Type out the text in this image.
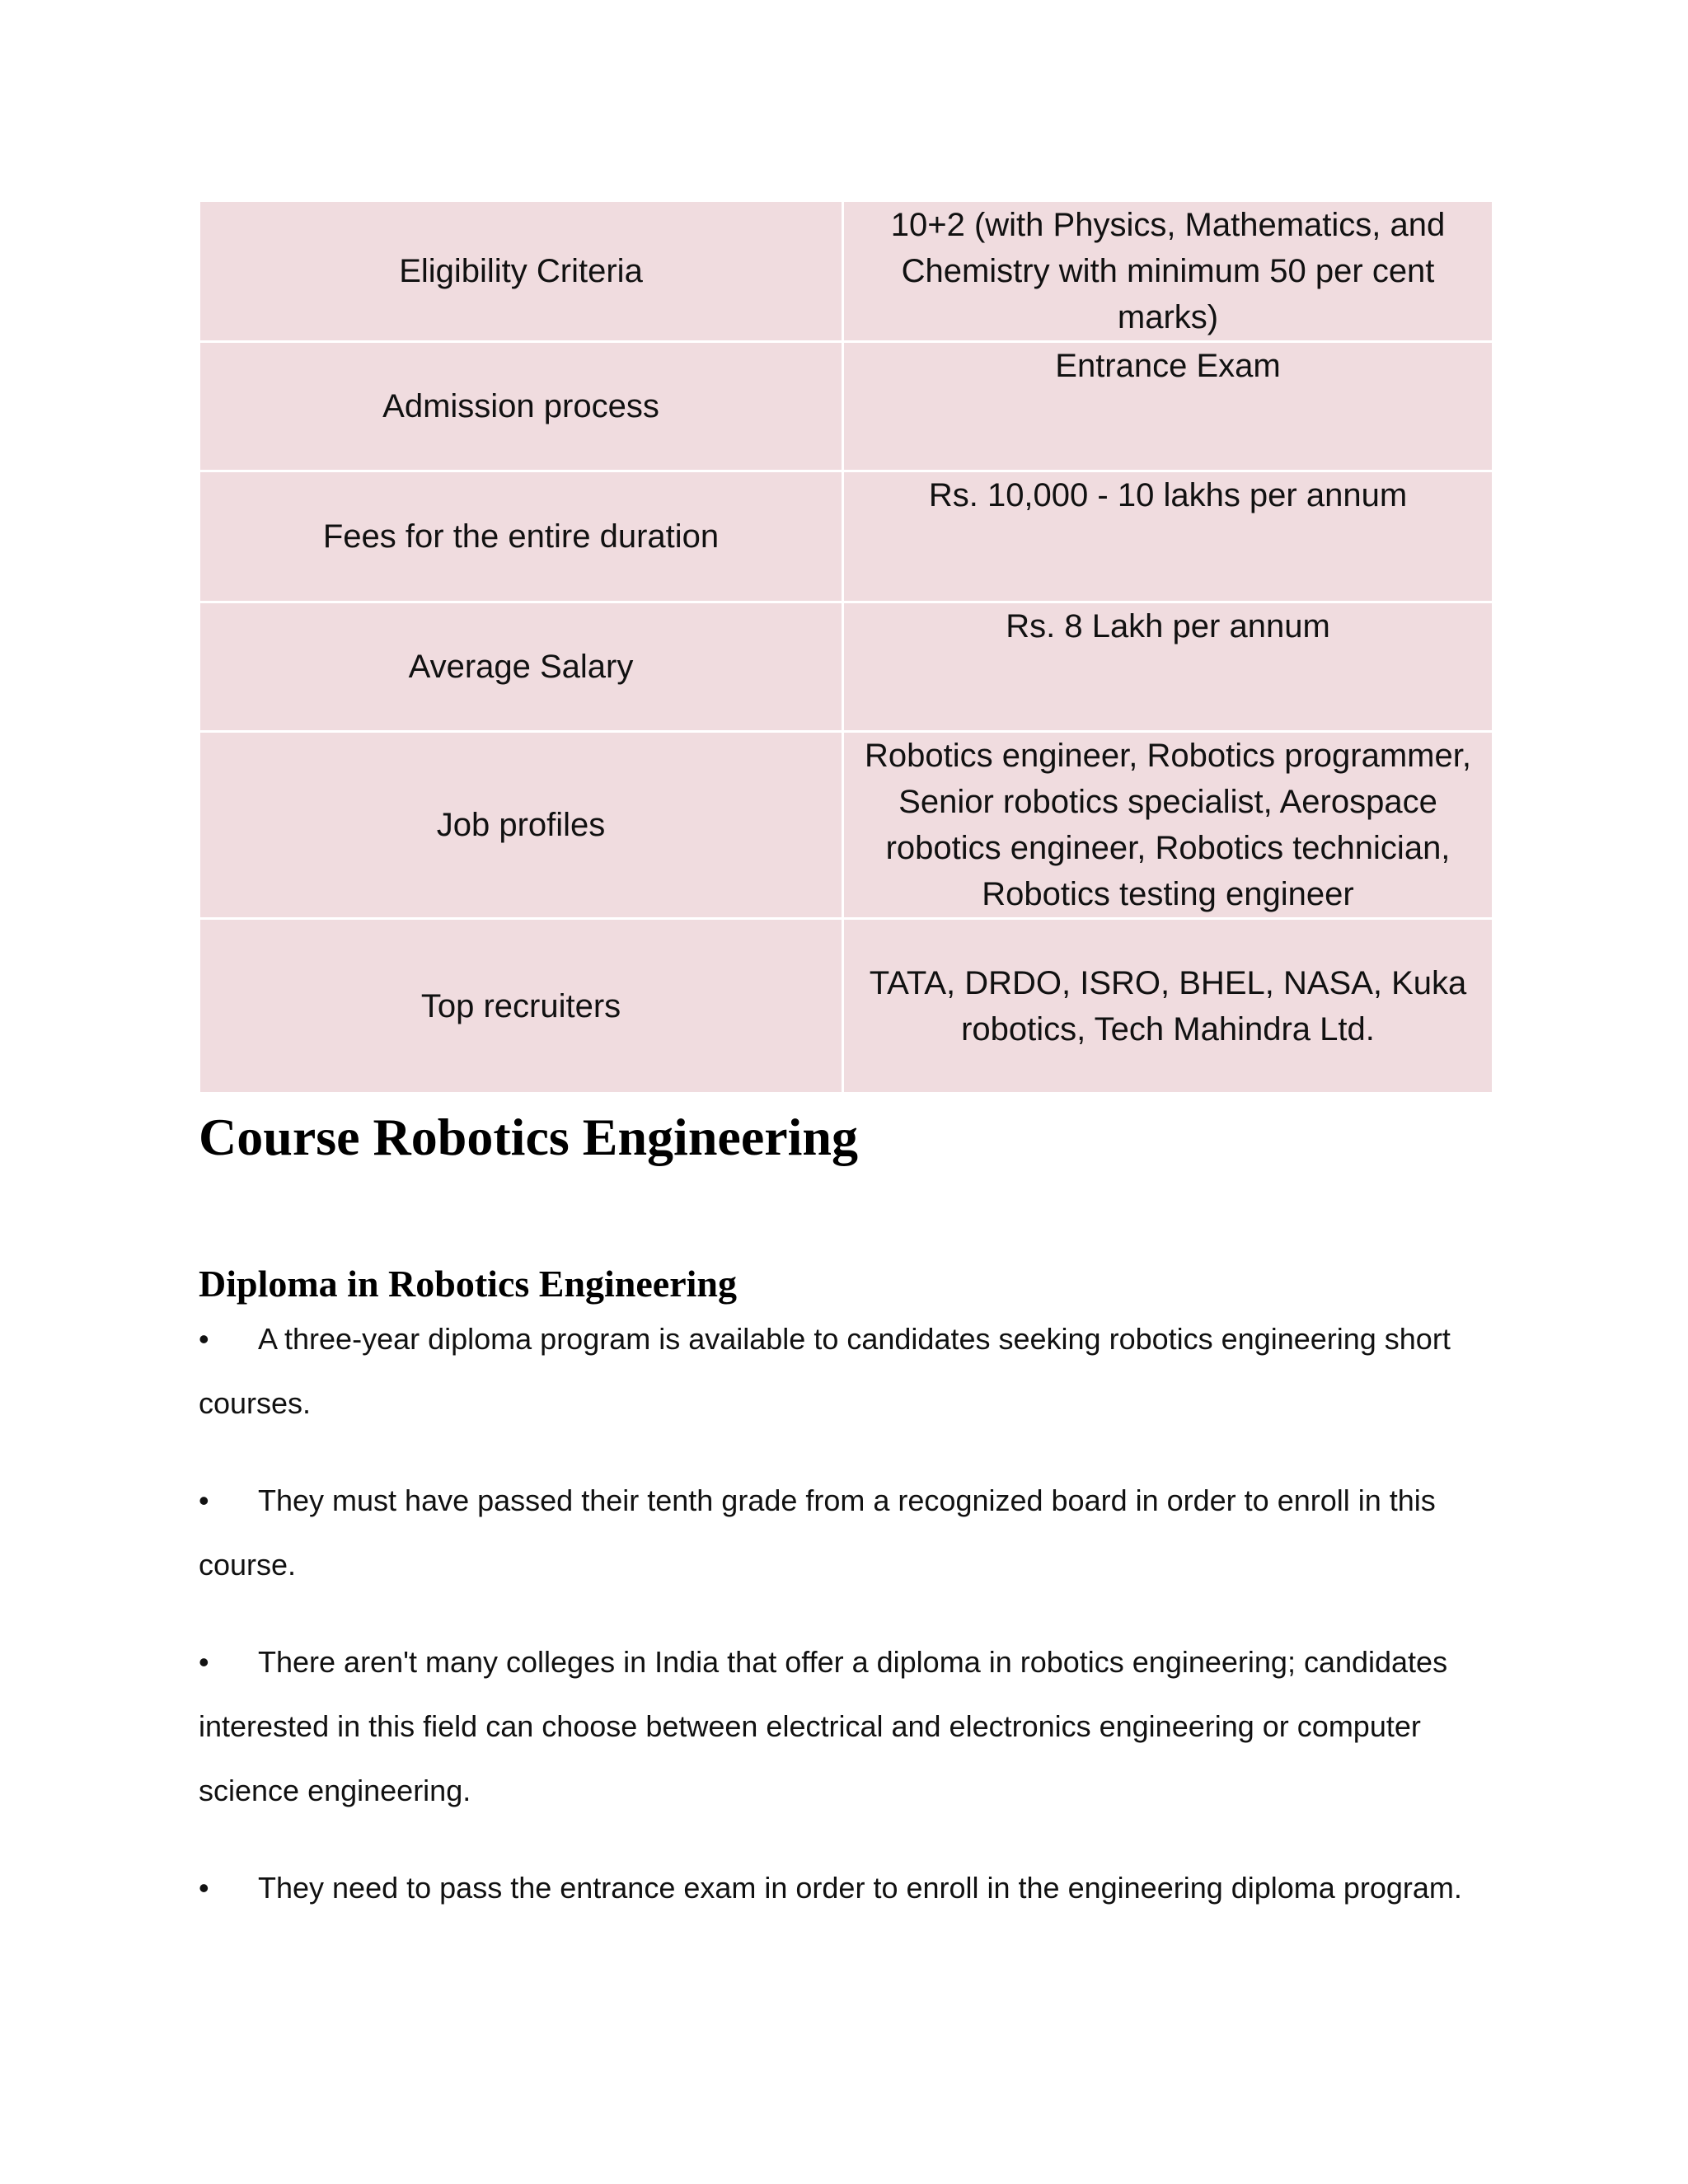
Eligibility Criteria	10+2 (with Physics, Mathematics, and Chemistry with minimum 50 per cent marks)
Admission process	Entrance Exam
Fees for the entire duration	Rs. 10,000 - 10 lakhs per annum
Average Salary	Rs. 8 Lakh per annum
Job profiles	Robotics engineer, Robotics programmer, Senior robotics specialist, Aerospace robotics engineer, Robotics technician, Robotics testing engineer
Top recruiters	TATA, DRDO, ISRO, BHEL, NASA, Kuka robotics, Tech Mahindra Ltd.
Course Robotics Engineering
Diploma in Robotics Engineering
• A three-year diploma program is available to candidates seeking robotics engineering short courses.
• They must have passed their tenth grade from a recognized board in order to enroll in this course.
• There aren't many colleges in India that offer a diploma in robotics engineering; candidates interested in this field can choose between electrical and electronics engineering or computer science engineering.
• They need to pass the entrance exam in order to enroll in the engineering diploma program.
